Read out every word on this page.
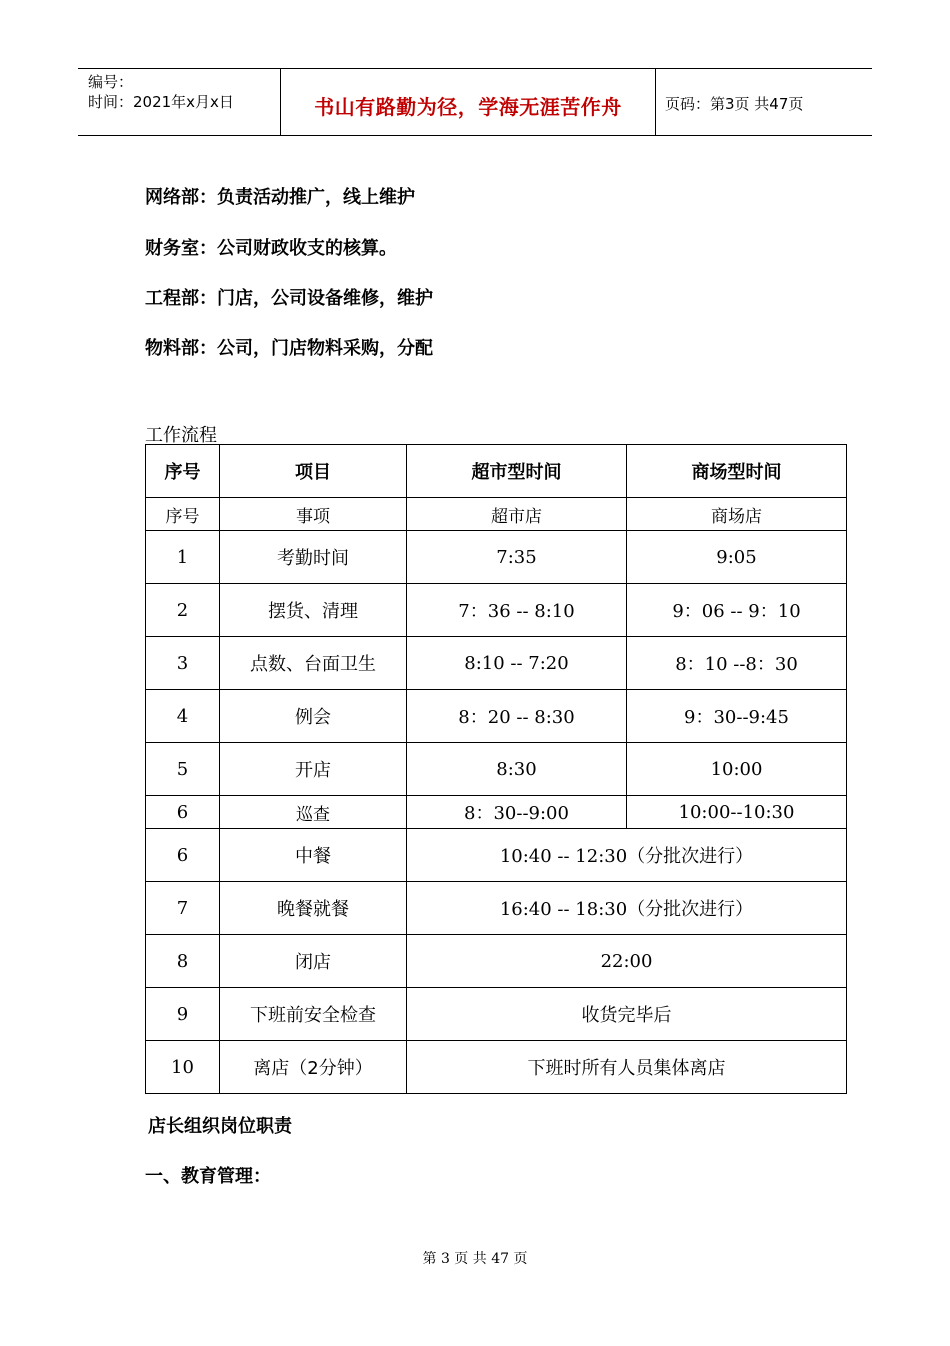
编号：
时间：2021年x月x日	书山有路勤为径，学海无涯苦作舟	页码：第3页 共47页
网络部：负责活动推广，线上维护
财务室：公司财政收支的核算。
工程部：门店，公司设备维修，维护
物料部：公司，门店物料采购，分配
工作流程
序号	项目	超市型时间	商场型时间
序号	事项	超市店	商场店
1	考勤时间	7:35	9:05
2	摆货、清理	7：36 -- 8:10	9：06 -- 9：10
3	点数、台面卫生	8:10 -- 7:20	8：10 --8：30
4	例会	8：20 -- 8:30	9：30--9:45
5	开店	8:30	10:00
6	巡查	8：30--9:00	10:00--10:30
6	中餐	10:40 -- 12:30（分批次进行）	
7	晚餐就餐	16:40 -- 18:30（分批次进行）	
8	闭店	22:00	
9	下班前安全检查	收货完毕后	
10	离店（2分钟）	下班时所有人员集体离店	
店长组织岗位职责
一、教育管理：
第 3 页 共 47 页
